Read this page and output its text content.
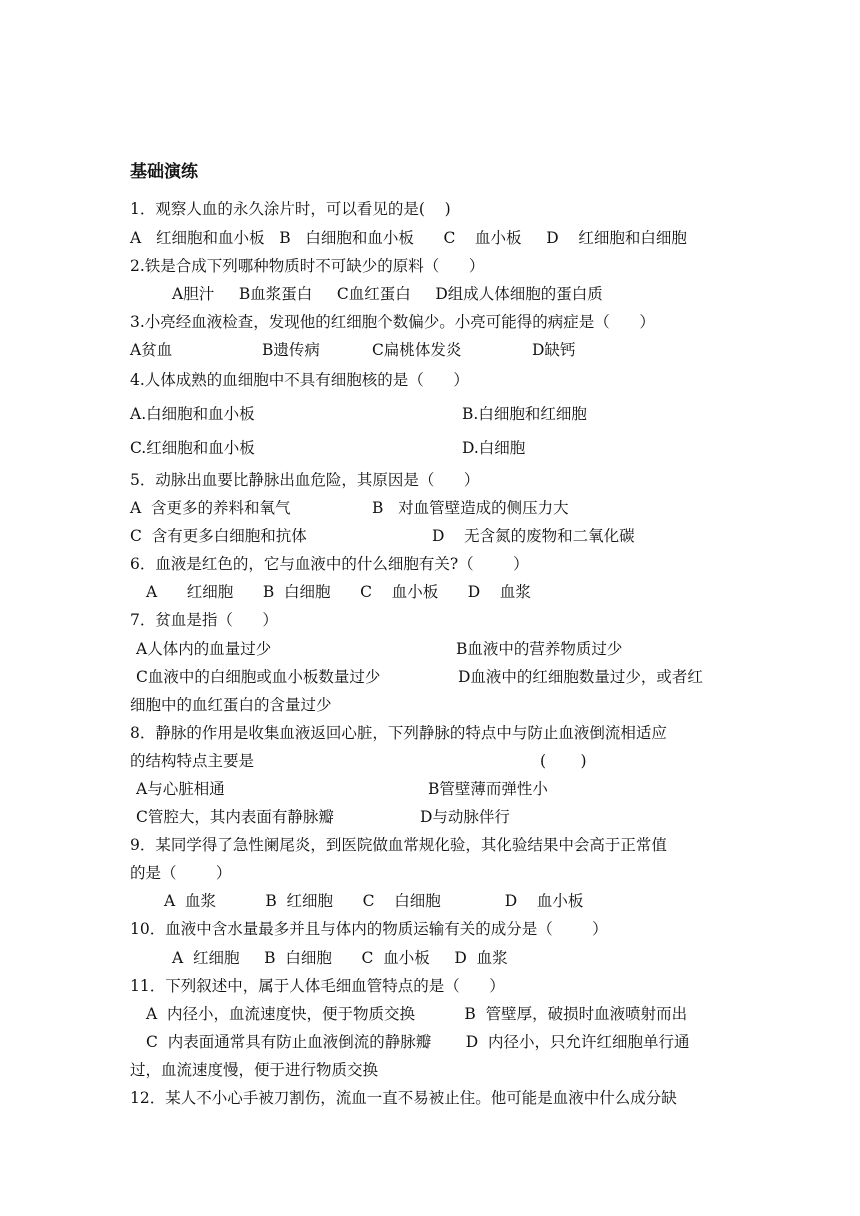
基础演练
1．观察人血的永久涂片时，可以看见的是(    )
A   红细胞和血小板   B   白细胞和血小板      C    血小板     D    红细胞和白细胞
2.铁是合成下列哪种物质时不可缺少的原料（      ）
A胆汁     B血浆蛋白     C血红蛋白     D组成人体细胞的蛋白质
3.小亮经血液检查，发现他的红细胞个数偏少。小亮可能得的病症是（      ）
A贫血	B遗传病	C扁桃体发炎	D缺钙
4.人体成熟的血细胞中不具有细胞核的是（      ）
A.白细胞和血小板	B.白细胞和红细胞
C.红细胞和血小板	D.白细胞
5．动脉出血要比静脉出血危险，其原因是（      ）
A  含更多的养料和氧气	B   对血管壁造成的侧压力大
C  含有更多白细胞和抗体	D    无含氮的废物和二氧化碳
6．血液是红色的，它与血液中的什么细胞有关?（        ）
A      红细胞      B  白细胞      C    血小板      D    血浆
7．贫血是指（      ）
A人体内的血量过少	B血液中的营养物质过少
C血液中的白细胞或血小板数量过少	D血液中的红细胞数量过少，或者红
细胞中的血红蛋白的含量过少
8．静脉的作用是收集血液返回心脏，下列静脉的特点中与防止血液倒流相适应
的结构特点主要是	(       )
A与心脏相通	B管壁薄而弹性小
C管腔大，其内表面有静脉瓣	D与动脉伴行
9．某同学得了急性阑尾炎，到医院做血常规化验，其化验结果中会高于正常值
的是（        ）
A  血浆          B  红细胞      C    白细胞             D    血小板
10．血液中含水量最多并且与体内的物质运输有关的成分是（        ）
A  红细胞     B  白细胞      C  血小板     D  血浆
11．下列叙述中，属于人体毛细血管特点的是（      ）
A  内径小，血流速度快，便于物质交换          B  管壁厚，破损时血液喷射而出
C  内表面通常具有防止血液倒流的静脉瓣       D  内径小，只允许红细胞单行通
过，血流速度慢，便于进行物质交换
12．某人不小心手被刀割伤，流血一直不易被止住。他可能是血液中什么成分缺
